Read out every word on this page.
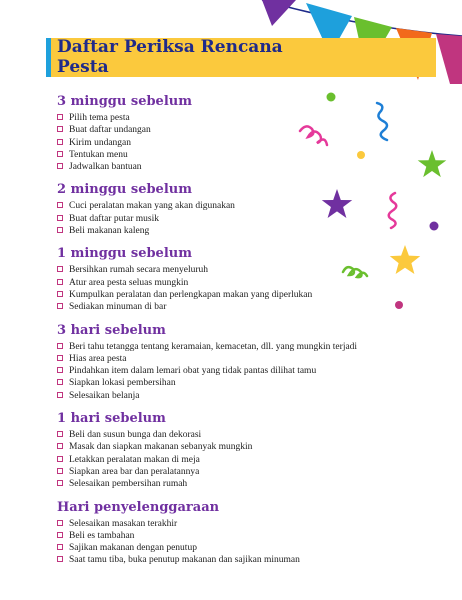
Daftar Periksa Rencana Pesta
3 minggu sebelum
Pilih tema pesta
Buat daftar undangan
Kirim undangan
Tentukan menu
Jadwalkan bantuan
2 minggu sebelum
Cuci peralatan makan yang akan digunakan
Buat daftar putar musik
Beli makanan kaleng
1 minggu sebelum
Bersihkan rumah secara menyeluruh
Atur area pesta seluas mungkin
Kumpulkan peralatan dan perlengkapan makan yang diperlukan
Sediakan minuman di bar
3 hari sebelum
Beri tahu tetangga tentang keramaian, kemacetan, dll. yang mungkin terjadi
Hias area pesta
Pindahkan item dalam lemari obat yang tidak pantas dilihat tamu
Siapkan lokasi pembersihan
Selesaikan belanja
1 hari sebelum
Beli dan susun bunga dan dekorasi
Masak dan siapkan makanan sebanyak mungkin
Letakkan peralatan makan di meja
Siapkan area bar dan peralatannya
Selesaikan pembersihan rumah
Hari penyelenggaraan
Selesaikan masakan terakhir
Beli es tambahan
Sajikan makanan dengan penutup
Saat tamu tiba, buka penutup makanan dan sajikan minuman
